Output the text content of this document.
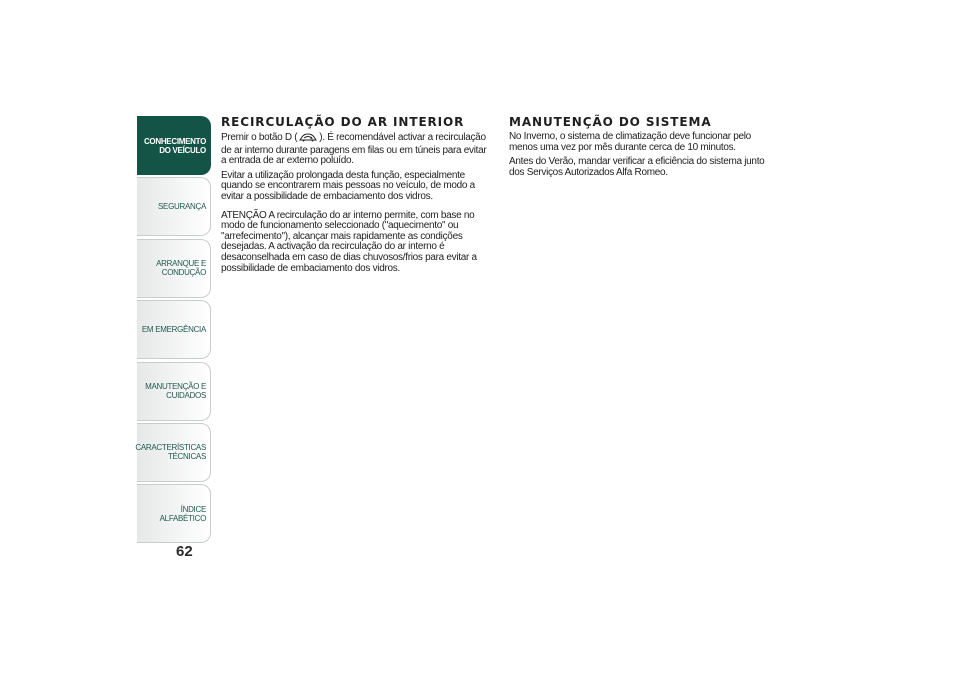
CONHECIMENTO
DO VEÍCULO
SEGURANÇA
ARRANQUE E
CONDUÇÃO
EM EMERGÊNCIA
MANUTENÇÃO E
CUIDADOS
CARACTERÍSTICAS
TÉCNICAS
ÍNDICE ALFABÉTICO
62
RECIRCULAÇÃO DO AR INTERIOR

Premir o botão D ( ). É recomendável activar a recirculação de ar interno durante paragens em filas ou em túneis para evitar a entrada de ar externo poluído.

Evitar a utilização prolongada desta função, especialmente quando se encontrarem mais pessoas no veículo, de modo a evitar a possibilidade de embaciamento dos vidros.

ATENÇÃO A recirculação do ar interno permite, com base no modo de funcionamento seleccionado ("aquecimento" ou "arrefecimento"), alcançar mais rapidamente as condições desejadas. A activação da recirculação do ar interno é desaconselhada em caso de dias chuvosos/frios para evitar a possibilidade de embaciamento dos vidros.

MANUTENÇÃO DO SISTEMA

No Inverno, o sistema de climatização deve funcionar pelo menos uma vez por mês durante cerca de 10 minutos.

Antes do Verão, mandar verificar a eficiência do sistema junto dos Serviços Autorizados Alfa Romeo.
